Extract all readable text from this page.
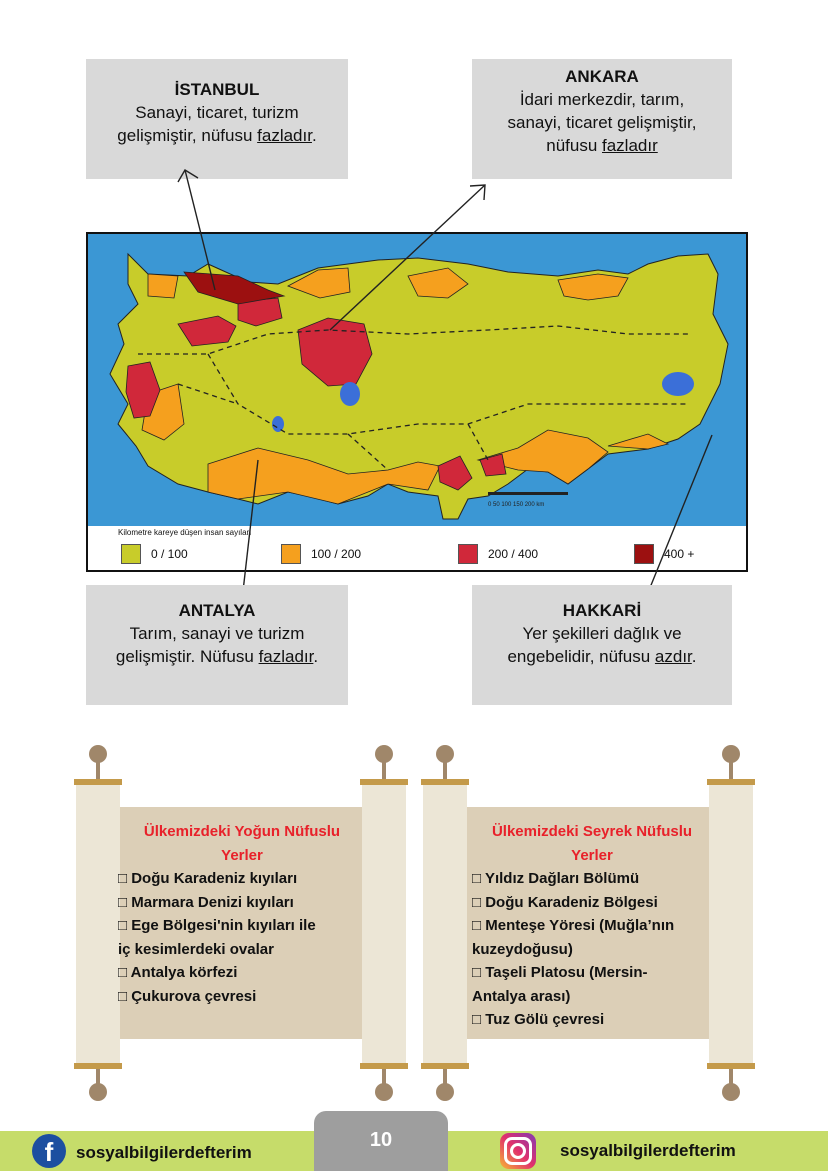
İSTANBUL
Sanayi, ticaret, turizm
gelişmiştir, nüfusu fazladır.
ANKARA
İdari merkezdir, tarım,
sanayi, ticaret gelişmiştir,
nüfusu fazladır
0 50 100 150 200 km
Kilometre kareye düşen insan sayıları
0 / 100	100 / 200	200 / 400	400 +
ANTALYA
Tarım, sanayi ve turizm
gelişmiştir. Nüfusu fazladır.
HAKKARİ
Yer şekilleri dağlık ve
engebelidir, nüfusu azdır.
Ülkemizdeki Yoğun Nüfuslu
Yerler
□ Doğu Karadeniz kıyıları
□ Marmara Denizi kıyıları
□ Ege Bölgesi'nin kıyıları ile
iç kesimlerdeki ovalar
□ Antalya körfezi
□ Çukurova çevresi
Ülkemizdeki Seyrek Nüfuslu
Yerler
□ Yıldız Dağları Bölümü
□ Doğu Karadeniz Bölgesi
□ Menteşe Yöresi (Muğla’nın
kuzeydoğusu)
□ Taşeli Platosu (Mersin-
Antalya arası)
□ Tuz Gölü çevresi
10
f	sosyalbilgilerdefterim	sosyalbilgilerdefterim
